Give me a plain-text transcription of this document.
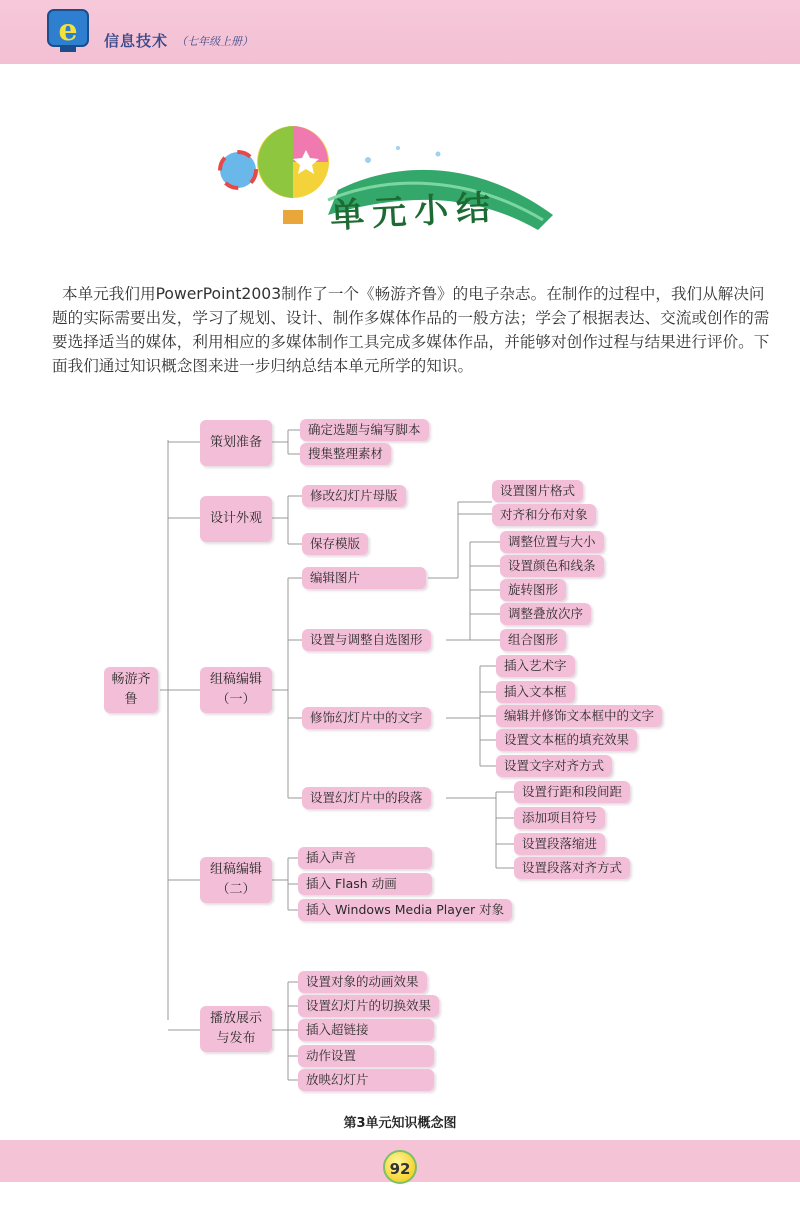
e 信息技术 （七年级上册）
单元小结
本单元我们用PowerPoint2003制作了一个《畅游齐鲁》的电子杂志。在制作的过程中，我们从解决问题的实际需要出发，学习了规划、设计、制作多媒体作品的一般方法；学会了根据表达、交流或创作的需要选择适当的媒体，利用相应的多媒体制作工具完成多媒体作品，并能够对创作过程与结果进行评价。下面我们通过知识概念图来进一步归纳总结本单元所学的知识。
畅游齐鲁
策划准备
设计外观
组稿编辑（一）
组稿编辑（二）
播放展示与发布
确定选题与编写脚本
搜集整理素材
修改幻灯片母版
保存模版
编辑图片
设置与调整自选图形
修饰幻灯片中的文字
设置幻灯片中的段落
设置图片格式
对齐和分布对象
调整位置与大小
设置颜色和线条
旋转图形
调整叠放次序
组合图形
插入艺术字
插入文本框
编辑并修饰文本框中的文字
设置文本框的填充效果
设置文字对齐方式
设置行距和段间距
添加项目符号
设置段落缩进
设置段落对齐方式
插入声音
插入 Flash 动画
插入 Windows Media Player 对象
设置对象的动画效果
设置幻灯片的切换效果
插入超链接
动作设置
放映幻灯片
第3单元知识概念图
92
